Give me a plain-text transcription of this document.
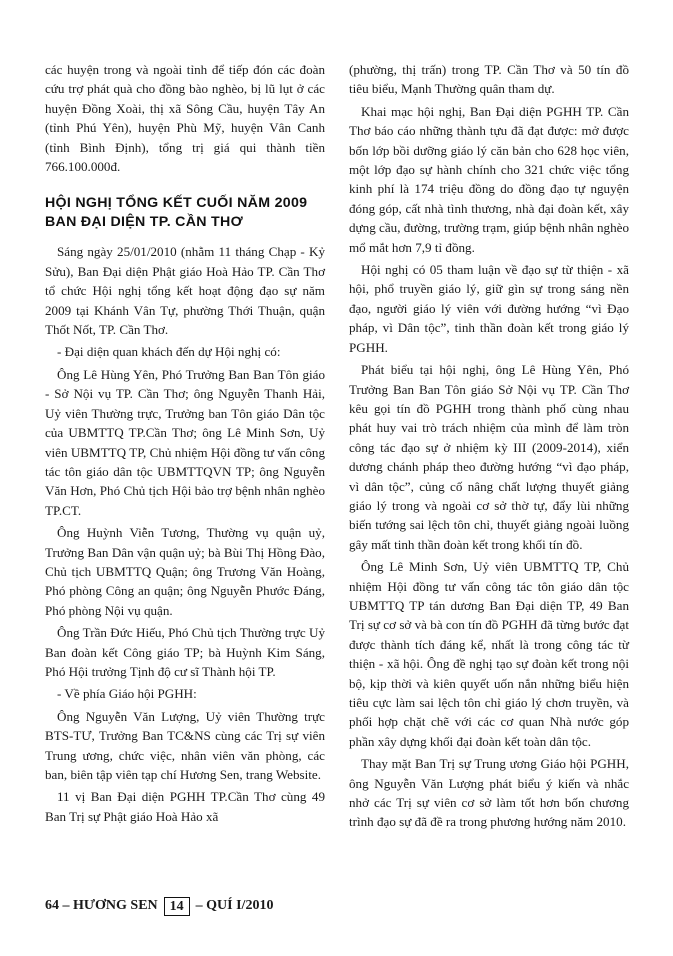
các huyện trong và ngoài tỉnh để tiếp đón các đoàn cứu trợ phát quà cho đồng bào nghèo, bị lũ lụt ở các huyện Đồng Xoài, thị xã Sông Cầu, huyện Tây An (tỉnh Phú Yên), huyện Phù Mỹ, huyện Vân Canh (tỉnh Bình Định), tổng trị giá qui thành tiền 766.100.000đ.

HỘI NGHỊ TỔNG KẾT CUỐI NĂM 2009 BAN ĐẠI DIỆN TP. CẦN THƠ

Sáng ngày 25/01/2010 (nhằm 11 tháng Chạp - Kỷ Sửu), Ban Đại diện Phật giáo Hoà Hảo TP. Cần Thơ tổ chức Hội nghị tổng kết hoạt động đạo sự năm 2009 tại Khánh Vân Tự, phường Thới Thuận, quận Thốt Nốt, TP. Cần Thơ.

- Đại diện quan khách đến dự Hội nghị có:

Ông Lê Hùng Yên, Phó Trưởng Ban Ban Tôn giáo - Sở Nội vụ TP. Cần Thơ; ông Nguyễn Thanh Hải, Uỷ viên Thường trực, Trưởng ban Tôn giáo Dân tộc của UBMTTQ TP.Cần Thơ; ông Lê Minh Sơn, Uỷ viên UBMTTQ TP, Chủ nhiệm Hội đồng tư vấn công tác tôn giáo dân tộc UBMTTQVN TP; ông Nguyễn Văn Hơn, Phó Chủ tịch Hội bảo trợ bệnh nhân nghèo TP.CT.

Ông Huỳnh Viễn Tương, Thường vụ quận uỷ, Trưởng Ban Dân vận quận uỷ; bà Bùi Thị Hồng Đào, Chủ tịch UBMTTQ Quận; ông Trương Văn Hoàng, Phó phòng Công an quận; ông Nguyễn Phước Đáng, Phó phòng Nội vụ quận.

Ông Trần Đức Hiếu, Phó Chủ tịch Thường trực Uỷ Ban đoàn kết Công giáo TP; bà Huỳnh Kim Sáng, Phó Hội trưởng Tịnh độ cư sĩ Thành hội TP.

- Về phía Giáo hội PGHH:

Ông Nguyễn Văn Lượng, Uỷ viên Thường trực BTS-TƯ, Trưởng Ban TC&NS cùng các Trị sự viên Trung ương, chức việc, nhân viên văn phòng, các ban, biên tập viên tạp chí Hương Sen, trang Website.

11 vị Ban Đại diện PGHH TP.Cần Thơ cùng 49 Ban Trị sự Phật giáo Hoà Hảo xã

(phường, thị trấn) trong TP. Cần Thơ và 50 tín đồ tiêu biểu, Mạnh Thường quân tham dự.

Khai mạc hội nghị, Ban Đại diện PGHH TP. Cần Thơ báo cáo những thành tựu đã đạt được: mở được bốn lớp bồi dưỡng giáo lý căn bản cho 628 học viên, một lớp đạo sự hành chính cho 321 chức việc tổng kinh phí là 174 triệu đồng do đồng đạo tự nguyện đóng góp, cất nhà tình thương, nhà đại đoàn kết, xây dựng cầu, đường, trường trạm, giúp bệnh nhân nghèo mổ mắt hơn 7,9 tỉ đồng.

Hội nghị có 05 tham luận về đạo sự từ thiện - xã hội, phổ truyền giáo lý, giữ gìn sự trong sáng nền đạo, người giáo lý viên với đường hướng “vì Đạo pháp, vì Dân tộc”, tinh thần đoàn kết trong giáo lý PGHH.

Phát biểu tại hội nghị, ông Lê Hùng Yên, Phó Trưởng Ban Ban Tôn giáo Sở Nội vụ TP. Cần Thơ kêu gọi tín đồ PGHH trong thành phố cùng nhau phát huy vai trò trách nhiệm của mình để làm tròn công tác đạo sự ở nhiệm kỳ III (2009-2014), xiển dương chánh pháp theo đường hướng “vì đạo pháp, vì dân tộc”, củng cố nâng chất lượng thuyết giảng giáo lý trong và ngoài cơ sở thờ tự, đẩy lùi những biến tướng sai lệch tôn chỉ, thuyết giảng ngoài luồng gây mất tinh thần đoàn kết trong khối tín đồ.

Ông Lê Minh Sơn, Uỷ viên UBMTTQ TP, Chủ nhiệm Hội đồng tư vấn công tác tôn giáo dân tộc UBMTTQ TP tán dương Ban Đại diện TP, 49 Ban Trị sự cơ sở và bà con tín đồ PGHH đã từng bước đạt được thành tích đáng kể, nhất là trong công tác từ thiện - xã hội. Ông đề nghị tạo sự đoàn kết trong nội bộ, kịp thời và kiên quyết uốn nắn những biểu hiện tiêu cực làm sai lệch tôn chỉ giáo lý chơn truyền, và phối hợp chặt chẽ với các cơ quan Nhà nước góp phần xây dựng khối đại đoàn kết toàn dân tộc.

Thay mặt Ban Trị sự Trung ương Giáo hội PGHH, ông Nguyễn Văn Lượng phát biểu ý kiến và nhắc nhở các Trị sự viên cơ sở làm tốt hơn bốn chương trình đạo sự đã đề ra trong phương hướng năm 2010.

64 – HƯƠNG SEN 14 – QUÍ I/2010
